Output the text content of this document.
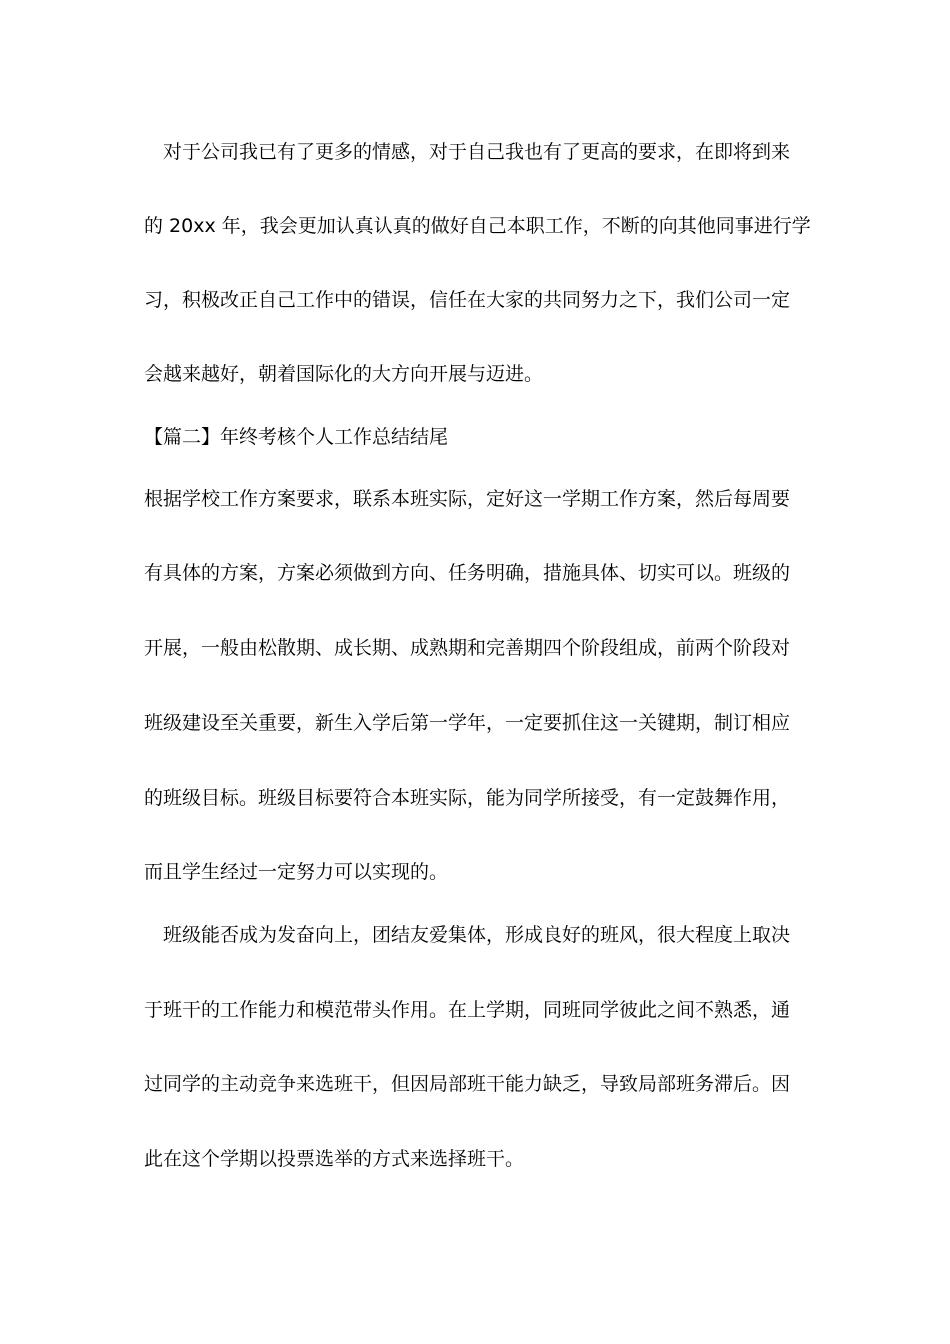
　对于公司我已有了更多的情感，对于自己我也有了更高的要求，在即将到来
的 20xx 年，我会更加认真认真的做好自己本职工作，不断的向其他同事进行学
习，积极改正自己工作中的错误，信任在大家的共同努力之下，我们公司一定
会越来越好，朝着国际化的大方向开展与迈进。
【篇二】年终考核个人工作总结结尾
根据学校工作方案要求，联系本班实际，定好这一学期工作方案，然后每周要
有具体的方案，方案必须做到方向、任务明确，措施具体、切实可以。班级的
开展，一般由松散期、成长期、成熟期和完善期四个阶段组成，前两个阶段对
班级建设至关重要，新生入学后第一学年，一定要抓住这一关键期，制订相应
的班级目标。班级目标要符合本班实际，能为同学所接受，有一定鼓舞作用，
而且学生经过一定努力可以实现的。
　班级能否成为发奋向上，团结友爱集体，形成良好的班风，很大程度上取决
于班干的工作能力和模范带头作用。在上学期，同班同学彼此之间不熟悉，通
过同学的主动竞争来选班干，但因局部班干能力缺乏，导致局部班务滞后。因
此在这个学期以投票选举的方式来选择班干。
